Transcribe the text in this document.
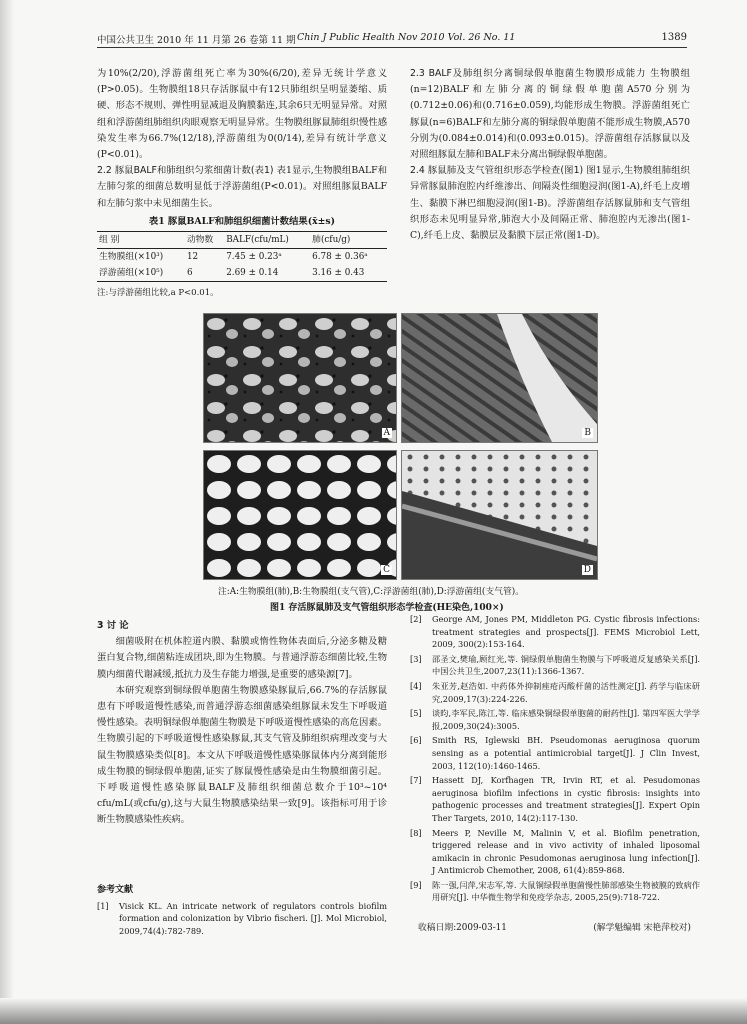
中国公共卫生 2010 年 11 月第 26 卷第 11 期 Chin J Public Health Nov 2010 Vol. 26 No. 11	1389

为10%(2/20),浮游菌组死亡率为30%(6/20),差异无统计学意义(P>0.05)。生物膜组18只存活豚鼠中有12只肺组织呈明显萎缩、质硬、形态不规则、弹性明显减退及胸膜黏连,其余6只无明显异常。对照组和浮游菌组肺组织肉眼观察无明显异常。生物膜组豚鼠肺组织慢性感染发生率为66.7%(12/18),浮游菌组为0(0/14),差异有统计学意义(P<0.01)。

2.2 豚鼠BALF和肺组织匀浆细菌计数(表1) 表1显示,生物膜组BALF和左肺匀浆的细菌总数明显低于浮游菌组(P<0.01)。对照组豚鼠BALF和左肺匀浆中未见细菌生长。

表1 豚鼠BALF和肺组织细菌计数结果(x̄±s)
组 别	动物数	BALF(cfu/mL)	肺(cfu/g)
生物膜组(×10³)	12	7.45 ± 0.23ᵃ	6.78 ± 0.36ᵃ
浮游菌组(×10⁵)	6	2.69 ± 0.14	3.16 ± 0.43
注:与浮游菌组比较,a P<0.01。

2.3 BALF及肺组织分离铜绿假单胞菌生物膜形成能力 生物膜组(n=12)BALF和左肺分离的铜绿假单胞菌A570分别为(0.712±0.06)和(0.716±0.059),均能形成生物膜。浮游菌组死亡豚鼠(n=6)BALF和左肺分离的铜绿假单胞菌不能形成生物膜,A570分别为(0.084±0.014)和(0.093±0.015)。浮游菌组存活豚鼠以及对照组豚鼠左肺和BALF未分离出铜绿假单胞菌。

2.4 豚鼠肺及支气管组织形态学检查(图1) 图1显示,生物膜组肺组织异常豚鼠肺泡腔内纤维渗出、间隔炎性细胞浸润(图1-A),纤毛上皮增生、黏膜下淋巴细胞浸润(图1-B)。浮游菌组存活豚鼠肺和支气管组织形态未见明显异常,肺泡大小及间隔正常、肺泡腔内无渗出(图1-C),纤毛上皮、黏膜层及黏膜下层正常(图1-D)。

A	B
C	D
注:A:生物膜组(肺),B:生物膜组(支气管),C:浮游菌组(肺),D:浮游菌组(支气管)。
图1 存活豚鼠肺及支气管组织形态学检查(HE染色,100×)

3 讨 论

细菌吸附在机体腔道内膜、黏膜或惰性物体表面后,分泌多糖及糖蛋白复合物,细菌粘连成团块,即为生物膜。与普通浮游态细菌比较,生物膜内细菌代谢减缓,抵抗力及生存能力增强,是重要的感染源[7]。

本研究观察到铜绿假单胞菌生物膜感染豚鼠后,66.7%的存活豚鼠患有下呼吸道慢性感染,而普通浮游态细菌感染组豚鼠未发生下呼吸道慢性感染。表明铜绿假单胞菌生物膜是下呼吸道慢性感染的高危因素。生物膜引起的下呼吸道慢性感染豚鼠,其支气管及肺组织病理改变与大鼠生物膜感染类似[8]。本文从下呼吸道慢性感染豚鼠体内分离到能形成生物膜的铜绿假单胞菌,证实了豚鼠慢性感染是由生物膜细菌引起。下呼吸道慢性感染豚鼠BALF及肺组织细菌总数介于10³~10⁴ cfu/mL(或cfu/g),这与大鼠生物膜感染结果一致[9]。该指标可用于诊断生物膜感染性疾病。

参考文献
[1]	Visick KL. An intricate network of regulators controls biofilm formation and colonization by Vibrio fischeri. [J]. Mol Microbiol, 2009,74(4):782-789.
[2]	George AM, Jones PM, Middleton PG. Cystic fibrosis infections: treatment strategies and prospects[J]. FEMS Microbiol Lett, 2009, 300(2):153-164.
[3]	邵圣文,樊瑜,顾红光,等. 铜绿假单胞菌生物膜与下呼吸道反复感染关系[J]. 中国公共卫生,2007,23(11):1366-1367.
[4]	朱亚芳,赵浩如. 中药体外抑制痤疮丙酸杆菌的活性测定[J]. 药学与临床研究,2009,17(3):224-226.
[5]	谈昀,李军民,陈江,等. 临床感染铜绿假单胞菌的耐药性[J]. 第四军医大学学报,2009,30(24):3005.
[6]	Smith RS, Iglewski BH. Pseudomonas aeruginosa quorum sensing as a potential antimicrobial target[J]. J Clin Invest, 2003, 112(10):1460-1465.
[7]	Hassett DJ, Korfhagen TR, Irvin RT, et al. Pesudomonas aeruginosa biofilm infections in cystic fibrosis: insights into pathogenic processes and treatment strategies[J]. Expert Opin Ther Targets, 2010, 14(2):117-130.
[8]	Meers P, Neville M, Malinin V, et al. Biofilm penetration, triggered release and in vivo activity of inhaled liposomal amikacin in chronic Pesudomonas aeruginosa lung infection[J]. J Antimicrob Chemother, 2008, 61(4):859-868.
[9]	陈一强,闫萍,宋志军,等. 大鼠铜绿假单胞菌慢性肺部感染生物被膜的致病作用研究[J]. 中华微生物学和免疫学杂志, 2005,25(9):718-722.
收稿日期:2009-03-11	(解学魁编辑 宋艳萍校对)
